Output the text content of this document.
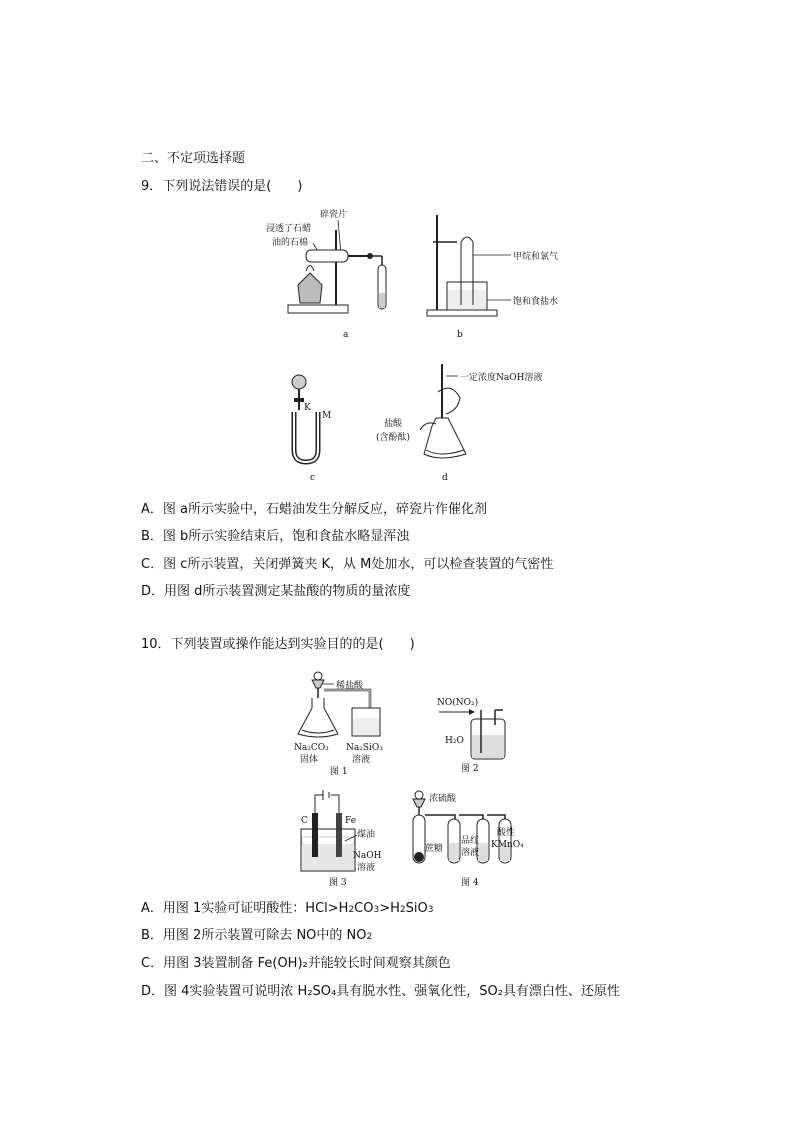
二、不定项选择题
9．下列说法错误的是(　　)
碎瓷片
浸透了石蜡
油的石棉
a
甲烷和氯气
饱和食盐水
b
K
M
c
一定浓度NaOH溶液
盐酸
(含酚酞)
d
A．图 a所示实验中，石蜡油发生分解反应，碎瓷片作催化剂
B．图 b所示实验结束后，饱和食盐水略显浑浊
C．图 c所示装置，关闭弹簧夹 K，从 M处加水，可以检查装置的气密性
D．用图 d所示装置测定某盐酸的物质的量浓度
10．下列装置或操作能达到实验目的的是(　　)
稀盐酸
Na₂CO₃
固体
Na₂SiO₃
溶液
图 1
NO(NO₂)
H₂O
图 2
C	Fe
煤油
NaOH
溶液
图 3
浓硫酸
蔗糖
品红
溶液
酸性
KMnO₄
图 4
A．用图 1实验可证明酸性：HCl>H2CO3>H2SiO3
B．用图 2所示装置可除去 NO中的 NO2
C．用图 3装置制备 Fe(OH)₂并能较长时间观察其颜色
D．图 4实验装置可说明浓 H₂SO₄具有脱水性、强氧化性，SO₂具有漂白性、还原性
